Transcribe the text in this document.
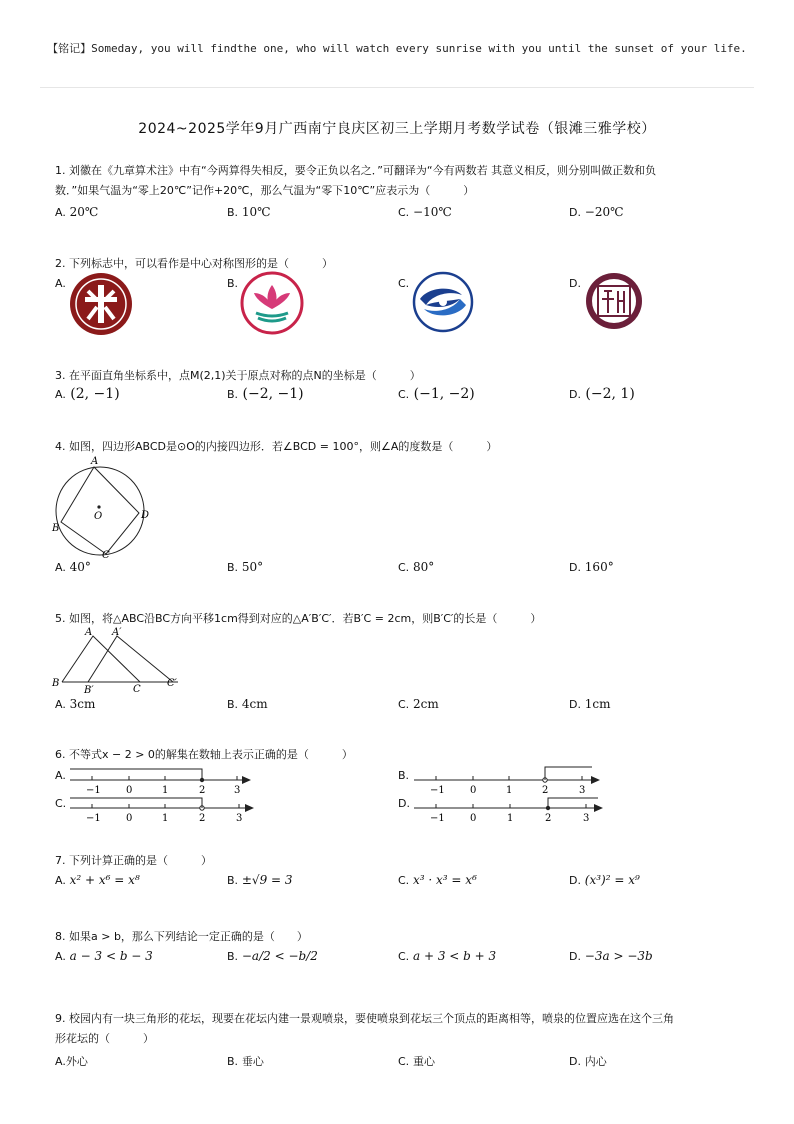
【铭记】Someday, you will findthe one, who will watch every sunrise with you until the sunset of your life.
2024~2025学年9月广西南宁良庆区初三上学期月考数学试卷（银滩三雅学校）
1. 刘徽在《九章算术注》中有“今两算得失相反，要令正负以名之．”可翻译为“今有两数若 其意义相反，则分别叫做正数和负
数．”如果气温为“零上20℃”记作+20℃，那么气温为“零下10℃”应表示为（　　　）
A. 20℃	B. 10℃	C. −10℃	D. −20℃
2. 下列标志中，可以看作是中心对称图形的是（　　　）
A.	B.	C.	D.
3. 在平面直角坐标系中，点M(2,1)关于原点对称的点N的坐标是（　　　）
A. (2, −1)	B. (−2, −1)	C. (−1, −2)	D. (−2, 1)
4. 如图，四边形ABCD是⊙O的内接四边形．若∠BCD = 100°，则∠A的度数是（　　　）
A
B
C
D
O
A. 40°	B. 50°	C. 80°	D. 160°
5. 如图，将△ABC沿BC方向平移1cm得到对应的△A′B′C′．若B′C = 2cm，则B′C′的长是（　　　）
A A′
B
B′	C
C′
A. 3cm	B. 4cm	C. 2cm	D. 1cm
6. 不等式x − 2 > 0的解集在数轴上表示正确的是（　　　）
A.
−1	0	1	2	3
B.
−1	0	1	2	3
C.
−1	0	1	2	3
D.
−1	0	1	2	3
7. 下列计算正确的是（　　　）
A. x² + x⁶ = x⁸	B. ±√9 = 3	C. x³ · x³ = x⁶	D. (x³)² = x⁹
8. 如果a > b，那么下列结论一定正确的是（　　）
A. a − 3 < b − 3	B. −a/2 < −b/2	C. a + 3 < b + 3	D. −3a > −3b
9. 校园内有一块三角形的花坛，现要在花坛内建一景观喷泉，要使喷泉到花坛三个顶点的距离相等，喷泉的位置应选在这个三角
形花坛的（　　　）
A.外心	B. 垂心	C. 重心	D. 内心
